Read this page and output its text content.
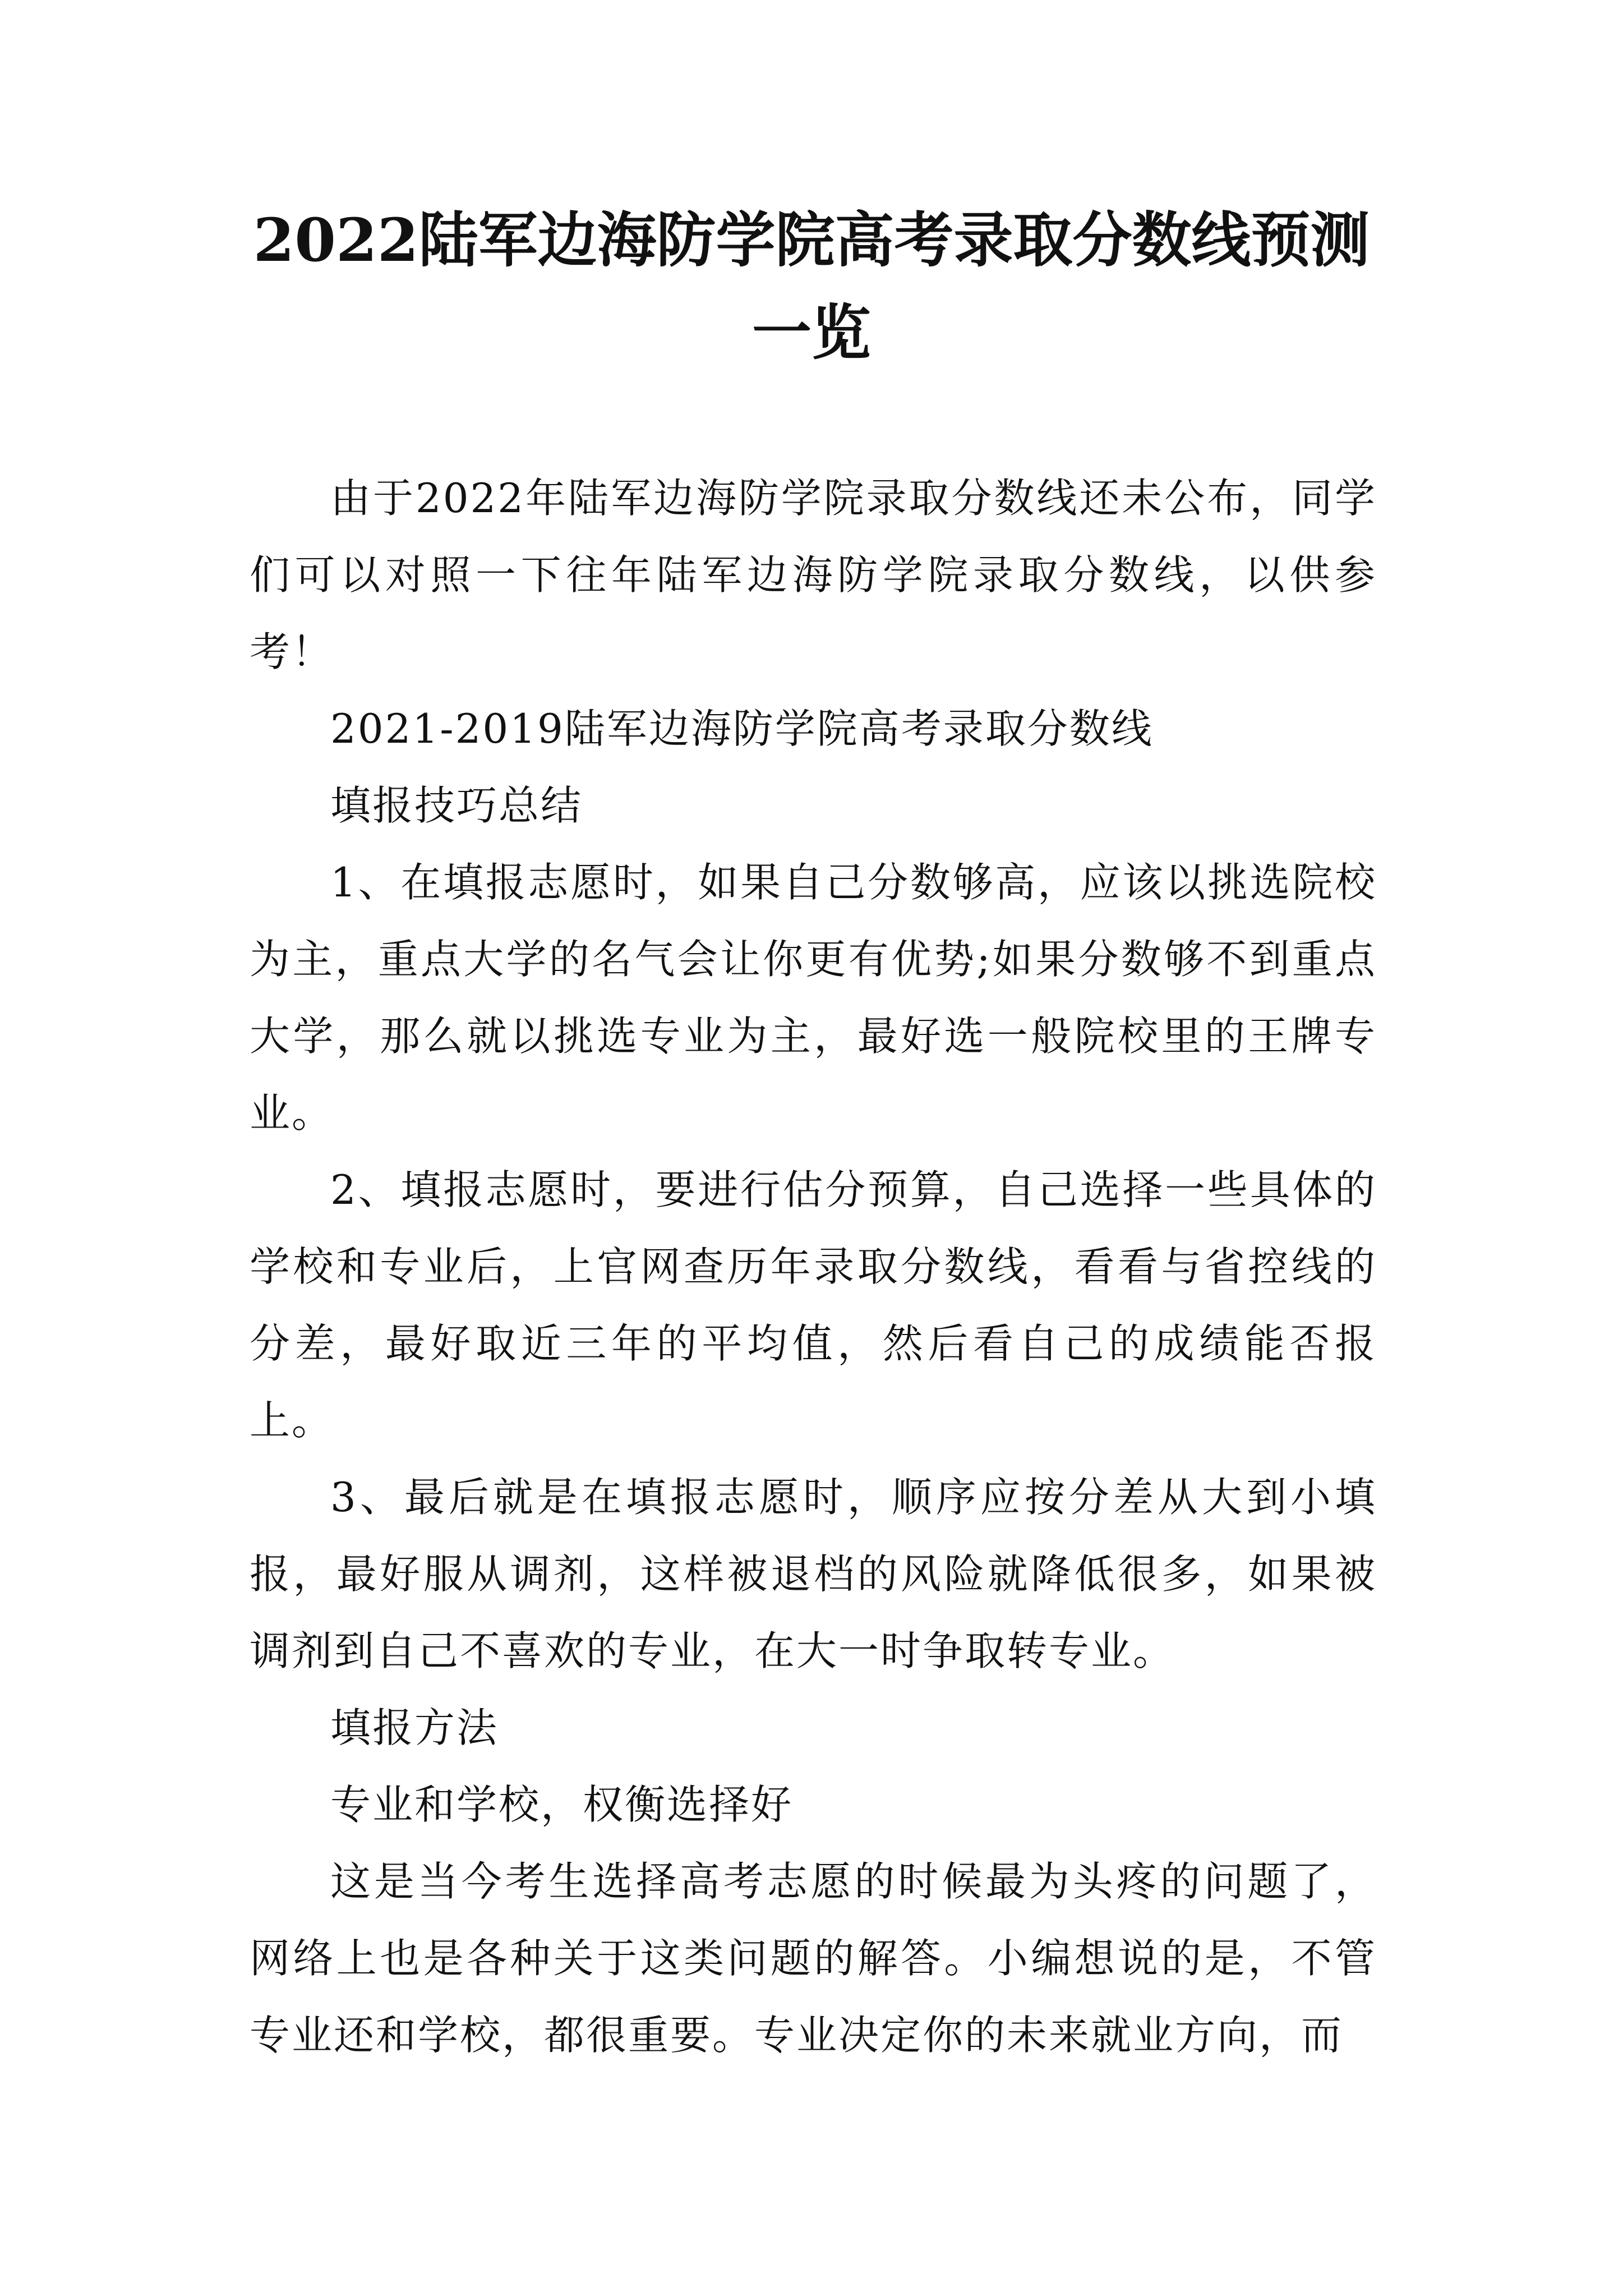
2022陆军边海防学院高考录取分数线预测一览

由于2022年陆军边海防学院录取分数线还未公布，同学们可以对照一下往年陆军边海防学院录取分数线，以供参考！

2021-2019陆军边海防学院高考录取分数线

填报技巧总结

1、在填报志愿时，如果自己分数够高，应该以挑选院校为主，重点大学的名气会让你更有优势;如果分数够不到重点大学，那么就以挑选专业为主，最好选一般院校里的王牌专业。

2、填报志愿时，要进行估分预算，自己选择一些具体的学校和专业后，上官网查历年录取分数线，看看与省控线的分差，最好取近三年的平均值，然后看自己的成绩能否报上。

3、最后就是在填报志愿时，顺序应按分差从大到小填报，最好服从调剂，这样被退档的风险就降低很多，如果被调剂到自己不喜欢的专业，在大一时争取转专业。

填报方法

专业和学校，权衡选择好

这是当今考生选择高考志愿的时候最为头疼的问题了，网络上也是各种关于这类问题的解答。小编想说的是，不管专业还和学校，都很重要。专业决定你的未来就业方向，而
